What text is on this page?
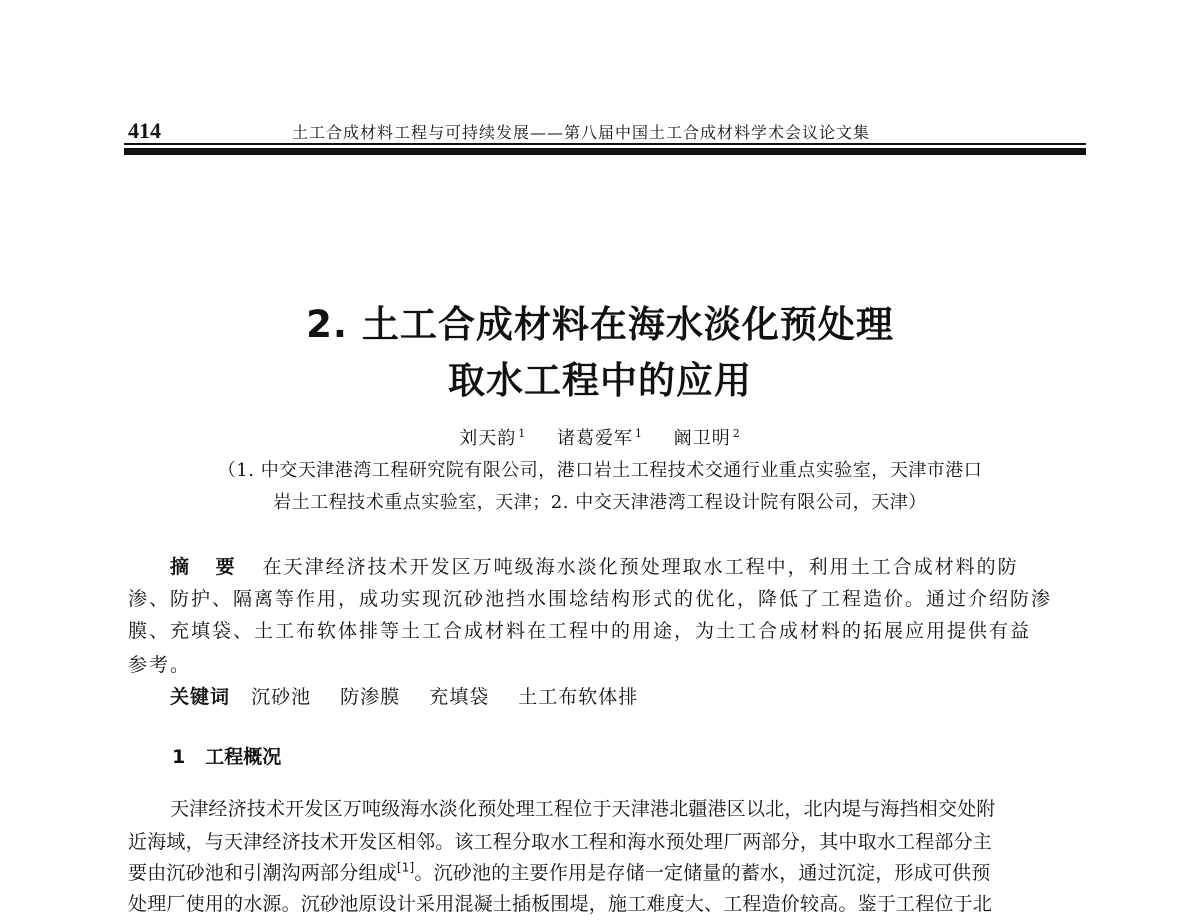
414	土工合成材料工程与可持续发展——第八届中国土工合成材料学术会议论文集
2. 土工合成材料在海水淡化预处理
取水工程中的应用
刘天韵 $^1$ 诸葛爱军 $^1$ 阚卫明 $^2$
（1. 中交天津港湾工程研究院有限公司，港口岩土工程技术交通行业重点实验室，天津市港口
岩土工程技术重点实验室，天津；2. 中交天津港湾工程设计院有限公司，天津）
摘 要 在天津经济技术开发区万吨级海水淡化预处理取水工程中，利用土工合成材料的防
渗、防护、隔离等作用，成功实现沉砂池挡水围埝结构形式的优化，降低了工程造价。通过介绍防渗
膜、充填袋、土工布软体排等土工合成材料在工程中的用途，为土工合成材料的拓展应用提供有益
参考。
关键词 沉砂池 防渗膜 充填袋 土工布软体排
1 工程概况
天津经济技术开发区万吨级海水淡化预处理工程位于天津港北疆港区以北，北内堤与海挡相交处附
近海域，与天津经济技术开发区相邻。该工程分取水工程和海水预处理厂两部分，其中取水工程部分主
要由沉砂池和引潮沟两部分组成[1]。沉砂池的主要作用是存储一定储量的蓄水，通过沉淀，形成可供预
处理厂使用的水源。沉砂池原设计采用混凝土插板围堤，施工难度大、工程造价较高。鉴于工程位于北
